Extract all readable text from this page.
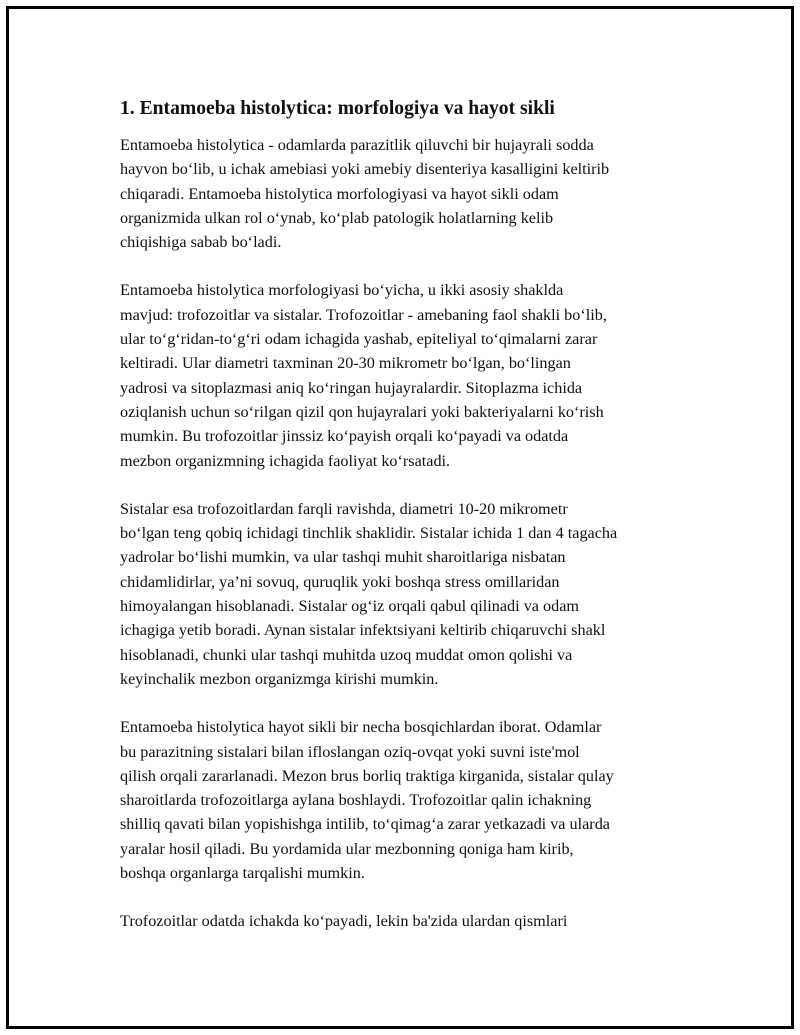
1. Entamoeba histolytica: morfologiya va hayot sikli

Entamoeba histolytica - odamlarda parazitlik qiluvchi bir hujayrali sodda
hayvon boʻlib, u ichak amebiasi yoki amebiy disenteriya kasalligini keltirib
chiqaradi. Entamoeba histolytica morfologiyasi va hayot sikli odam
organizmida ulkan rol oʻynab, koʻplab patologik holatlarning kelib
chiqishiga sabab boʻladi.

Entamoeba histolytica morfologiyasi boʻyicha, u ikki asosiy shaklda
mavjud: trofozoitlar va sistalar. Trofozoitlar - amebaning faol shakli boʻlib,
ular toʻgʻridan-toʻgʻri odam ichagida yashab, epiteliyal toʻqimalarni zarar
keltiradi. Ular diametri taxminan 20-30 mikrometr boʻlgan, boʻlingan
yadrosi va sitoplazmasi aniq koʻringan hujayralardir. Sitoplazma ichida
oziqlanish uchun soʻrilgan qizil qon hujayralari yoki bakteriyalarni koʻrish
mumkin. Bu trofozoitlar jinssiz koʻpayish orqali koʻpayadi va odatda
mezbon organizmning ichagida faoliyat koʻrsatadi.

Sistalar esa trofozoitlardan farqli ravishda, diametri 10-20 mikrometr
boʻlgan teng qobiq ichidagi tinchlik shaklidir. Sistalar ichida 1 dan 4 tagacha
yadrolar boʻlishi mumkin, va ular tashqi muhit sharoitlariga nisbatan
chidamlidirlar, ya’ni sovuq, quruqlik yoki boshqa stress omillaridan
himoyalangan hisoblanadi. Sistalar ogʻiz orqali qabul qilinadi va odam
ichagiga yetib boradi. Aynan sistalar infektsiyani keltirib chiqaruvchi shakl
hisoblanadi, chunki ular tashqi muhitda uzoq muddat omon qolishi va
keyinchalik mezbon organizmga kirishi mumkin.

Entamoeba histolytica hayot sikli bir necha bosqichlardan iborat. Odamlar
bu parazitning sistalari bilan ifloslangan oziq-ovqat yoki suvni iste'mol
qilish orqali zararlanadi. Mezon brus borliq traktiga kirganida, sistalar qulay
sharoitlarda trofozoitlarga aylana boshlaydi. Trofozoitlar qalin ichakning
shilliq qavati bilan yopishishga intilib, toʻqimagʻa zarar yetkazadi va ularda
yaralar hosil qiladi. Bu yordamida ular mezbonning qoniga ham kirib,
boshqa organlarga tarqalishi mumkin.

Trofozoitlar odatda ichakda koʻpayadi, lekin ba'zida ulardan qismlari
